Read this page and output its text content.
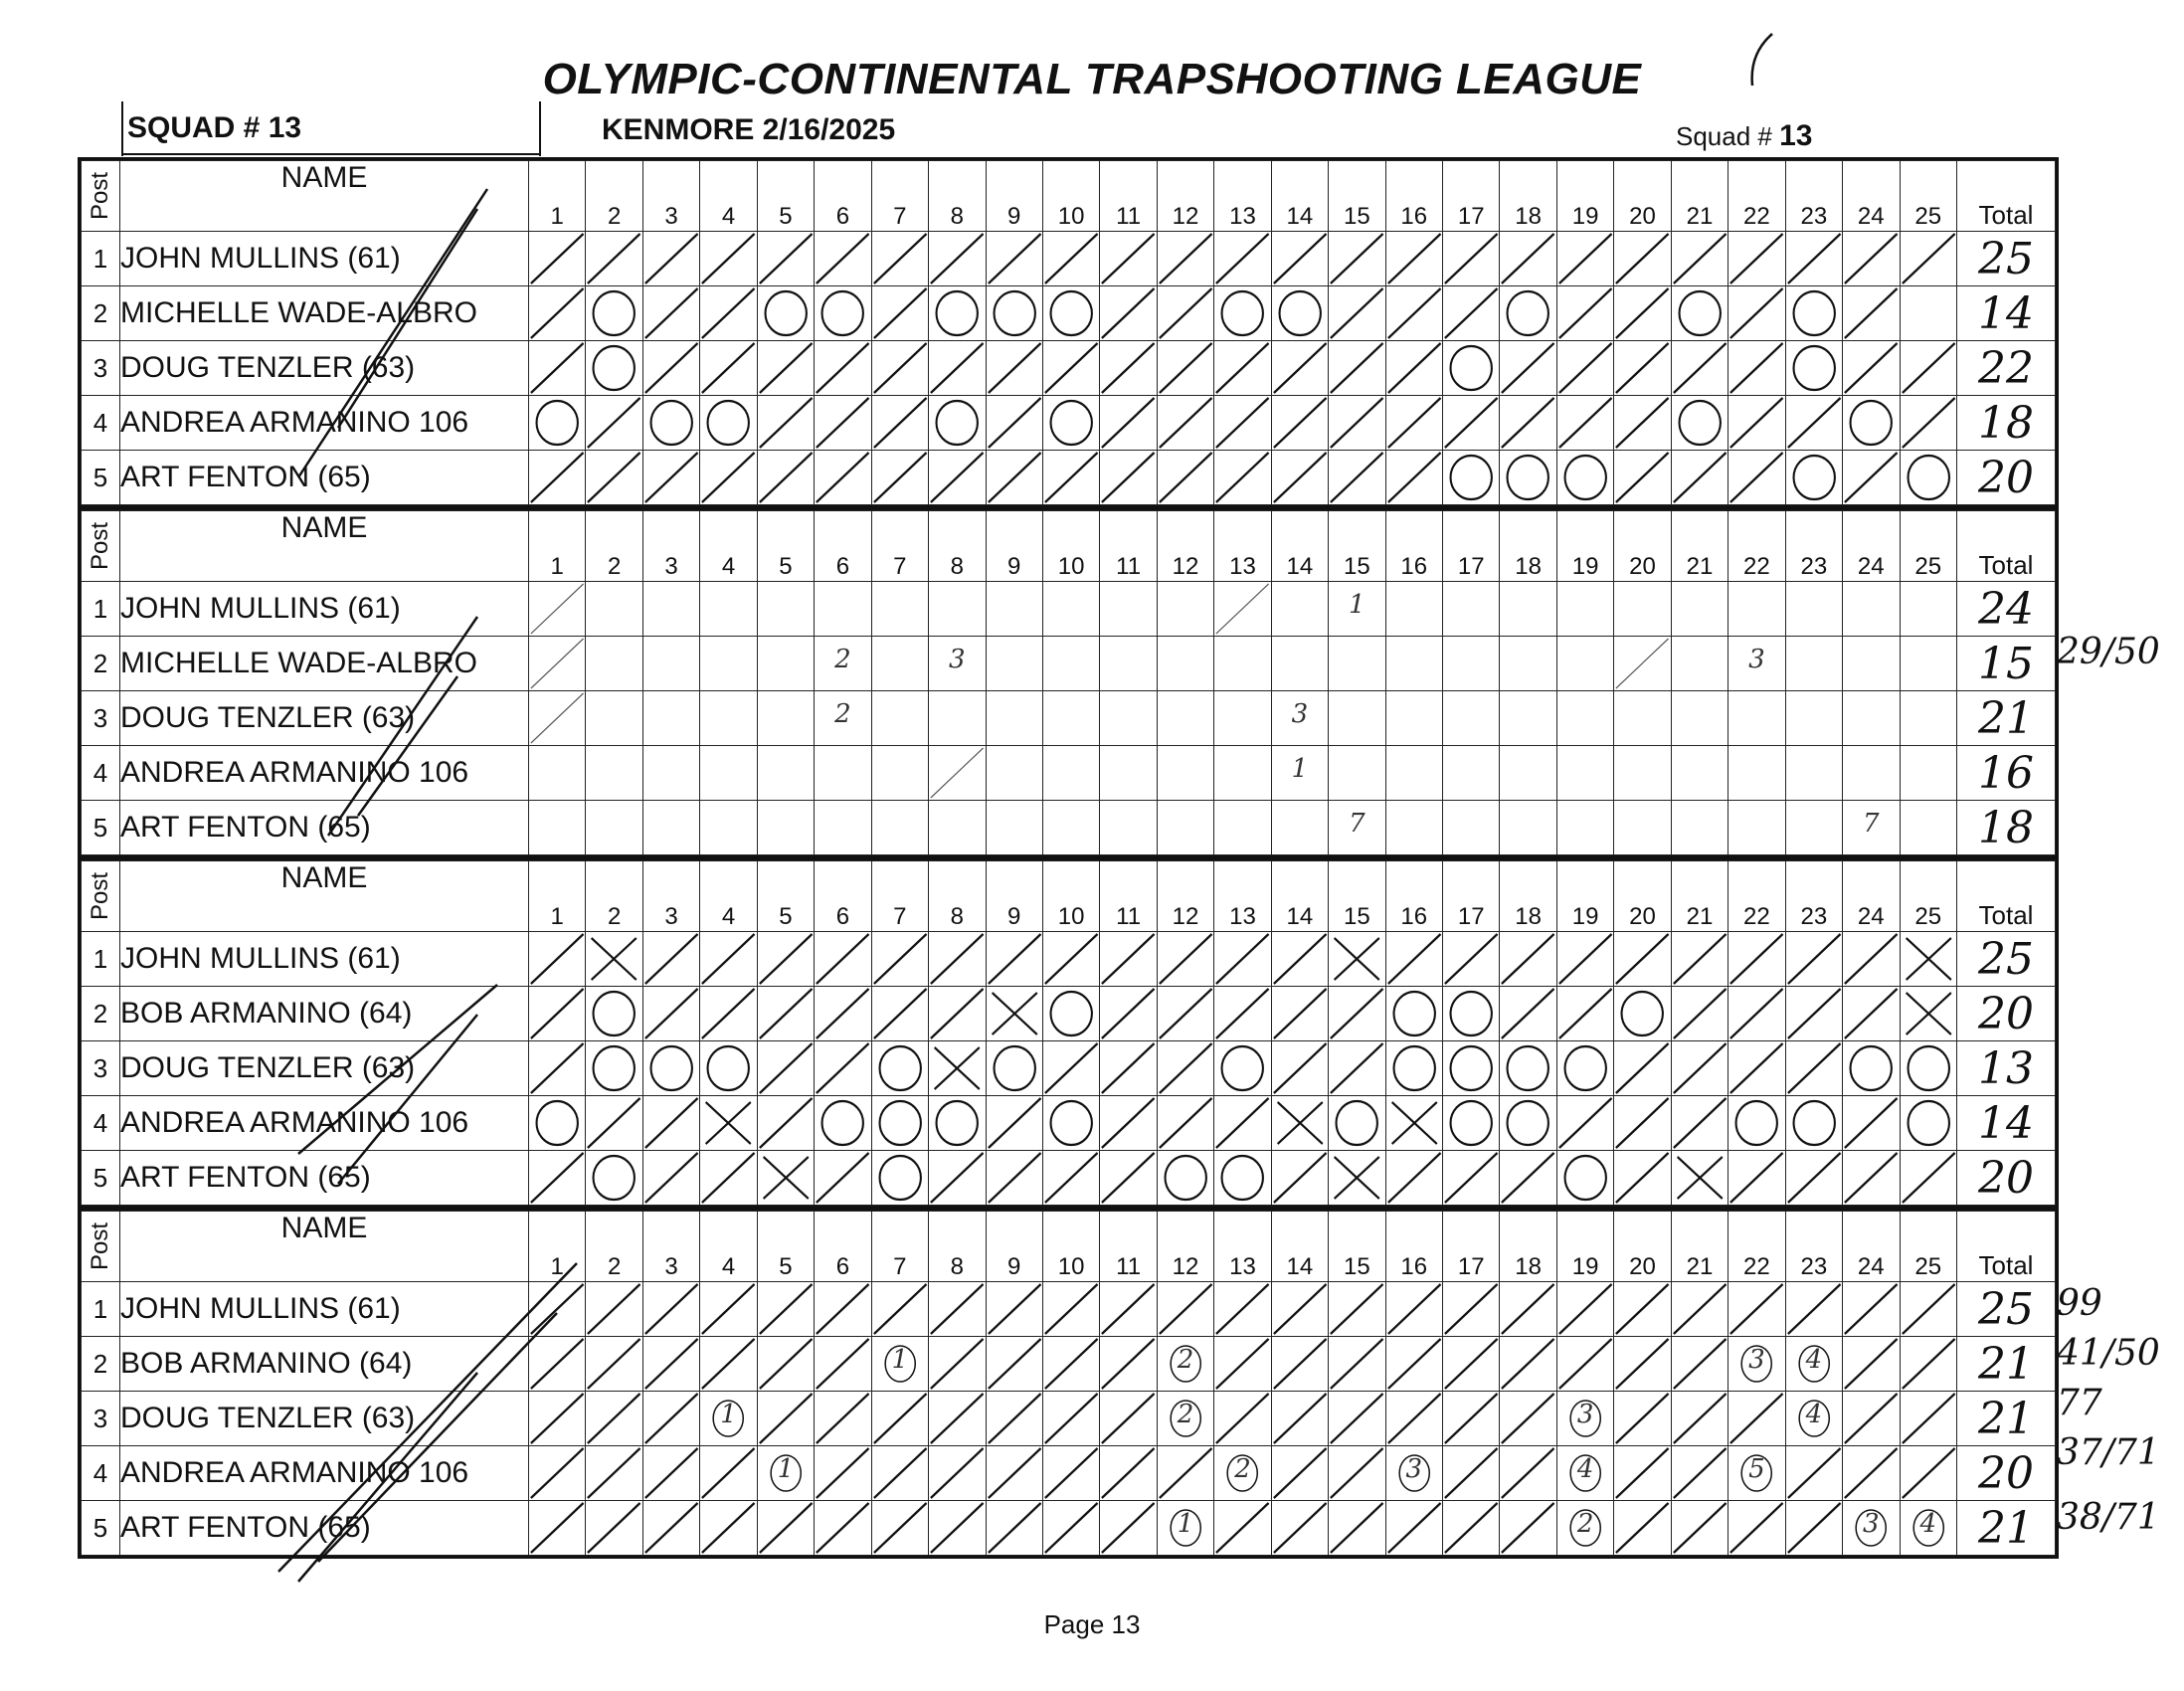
OLYMPIC-CONTINENTAL TRAPSHOOTING LEAGUE
SQUAD # 13	KENMORE 2/16/2025	Squad # 13
Post	NAME	1	2	3	4	5	6	7	8	9	10	11	12	13	14	15	16	17	18	19	20	21	22	23	24	25	Total
1	JOHN MULLINS (61)																										25
2	MICHELLE WADE-ALBRO																										14
3	DOUG TENZLER (63)																										22
4	ANDREA ARMANINO 106																										18
5	ART FENTON (65)																										20
Post	NAME	1	2	3	4	5	6	7	8	9	10	11	12	13	14	15	16	17	18	19	20	21	22	23	24	25	Total
1	JOHN MULLINS (61)															1											24
2	MICHELLE WADE-ALBRO						2		3														3				15
3	DOUG TENZLER (63)						2								3												21
4	ANDREA ARMANINO 106														1												16
5	ART FENTON (65)															7									7		18
Post	NAME	1	2	3	4	5	6	7	8	9	10	11	12	13	14	15	16	17	18	19	20	21	22	23	24	25	Total
1	JOHN MULLINS (61)																										25
2	BOB ARMANINO (64)																										20
3	DOUG TENZLER (63)																										13
4	ANDREA ARMANINO 106																										14
5	ART FENTON (65)																										20
Post	NAME	1	2	3	4	5	6	7	8	9	10	11	12	13	14	15	16	17	18	19	20	21	22	23	24	25	Total
1	JOHN MULLINS (61)																										25
2	BOB ARMANINO (64)							1					2										3	4			21
3	DOUG TENZLER (63)				1								2							3				4			21
4	ANDREA ARMANINO 106					1								2			3			4			5				20
5	ART FENTON (65)												1							2					3	4	21
29/50
99
41/50
77
37/71
38/71
Page 13
